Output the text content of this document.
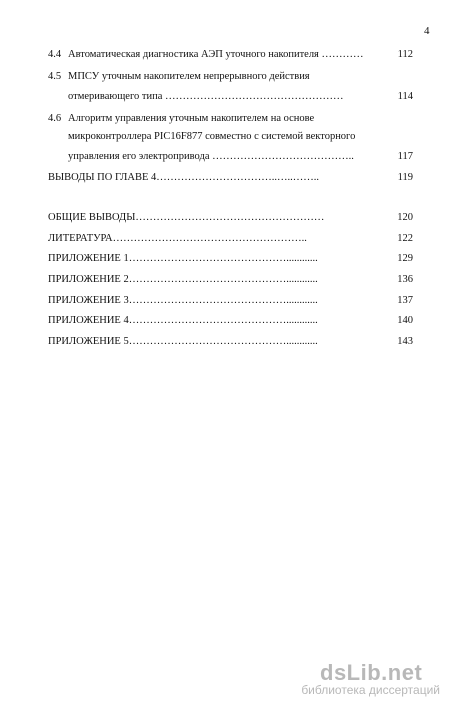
4
4.4 Автоматическая диагностика АЭП уточного накопителя …………	112
4.5 МПСУ уточным накопителем непрерывного действия
отмеривающего типа ……………………………………………	114
4.6 Алгоритм управления уточным накопителем на основе
микроконтроллера PIC16F877 совместно с системой векторного
управления его электропривода …………………………………..	117
ВЫВОДЫ ПО ГЛАВЕ 4……………………………..…..……..	119
ОБЩИЕ ВЫВОДЫ………………………………………………	120
ЛИТЕРАТУРА………………………………………………..	122
ПРИЛОЖЕНИЕ 1………………………………………............	129
ПРИЛОЖЕНИЕ 2………………………………………............	136
ПРИЛОЖЕНИЕ 3………………………………………............	137
ПРИЛОЖЕНИЕ 4………………………………………............	140
ПРИЛОЖЕНИЕ 5………………………………………............	143
dsLib.net
библиотека диссертаций
